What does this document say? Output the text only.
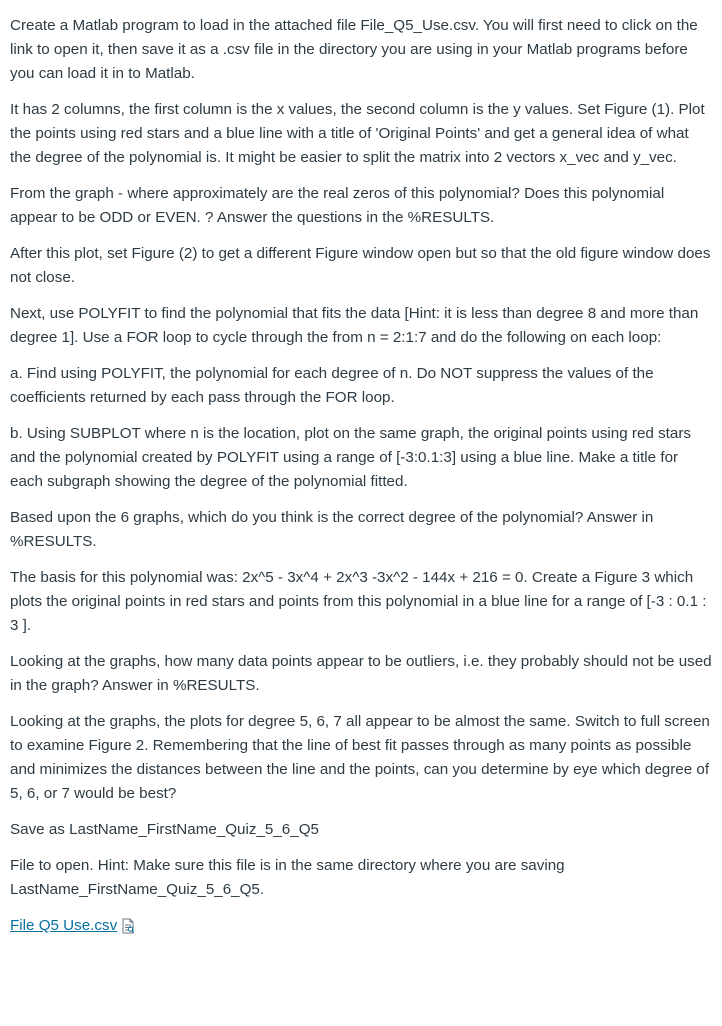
Create a Matlab program to load in the attached file File_Q5_Use.csv. You will first need to click on the link to open it, then save it as a .csv file in the directory you are using in your Matlab programs before you can load it in to Matlab.

It has 2 columns, the first column is the x values, the second column is the y values. Set Figure (1). Plot the points using red stars and a blue line with a title of 'Original Points' and get a general idea of what the degree of the polynomial is. It might be easier to split the matrix into 2 vectors x_vec and y_vec.

From the graph - where approximately are the real zeros of this polynomial? Does this polynomial appear to be ODD or EVEN. ? Answer the questions in the %RESULTS.

After this plot, set Figure (2) to get a different Figure window open but so that the old figure window does not close.

Next, use POLYFIT to find the polynomial that fits the data [Hint: it is less than degree 8 and more than degree 1]. Use a FOR loop to cycle through the from n = 2:1:7 and do the following on each loop:

a. Find using POLYFIT, the polynomial for each degree of n. Do NOT suppress the values of the coefficients returned by each pass through the FOR loop.

b. Using SUBPLOT where n is the location, plot on the same graph, the original points using red stars and the polynomial created by POLYFIT using a range of [-3:0.1:3] using a blue line. Make a title for each subgraph showing the degree of the polynomial fitted.

Based upon the 6 graphs, which do you think is the correct degree of the polynomial? Answer in %RESULTS.

The basis for this polynomial was: 2x^5 - 3x^4 + 2x^3 -3x^2 - 144x + 216 = 0. Create a Figure 3 which plots the original points in red stars and points from this polynomial in a blue line for a range of [-3 : 0.1 : 3 ].

Looking at the graphs, how many data points appear to be outliers, i.e. they probably should not be used in the graph? Answer in %RESULTS.

Looking at the graphs, the plots for degree 5, 6, 7 all appear to be almost the same. Switch to full screen to examine Figure 2. Remembering that the line of best fit passes through as many points as possible and minimizes the distances between the line and the points, can you determine by eye which degree of 5, 6, or 7 would be best?

Save as LastName_FirstName_Quiz_5_6_Q5

File to open. Hint: Make sure this file is in the same directory where you are saving LastName_FirstName_Quiz_5_6_Q5.

File Q5 Use.csv
